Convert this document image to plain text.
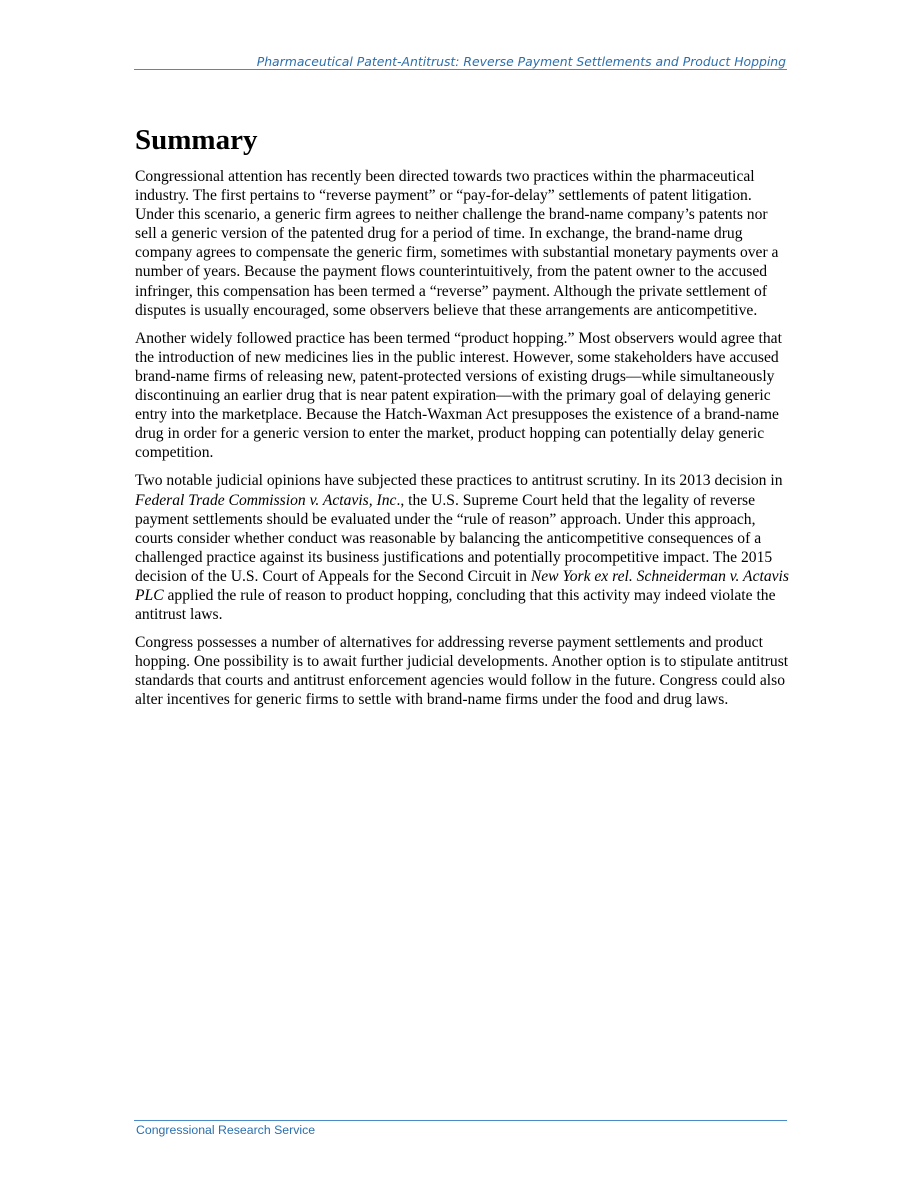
Pharmaceutical Patent-Antitrust: Reverse Payment Settlements and Product Hopping
Summary

Congressional attention has recently been directed towards two practices within the pharmaceutical industry. The first pertains to “reverse payment” or “pay-for-delay” settlements of patent litigation. Under this scenario, a generic firm agrees to neither challenge the brand-name company’s patents nor sell a generic version of the patented drug for a period of time. In exchange, the brand-name drug company agrees to compensate the generic firm, sometimes with substantial monetary payments over a number of years. Because the payment flows counterintuitively, from the patent owner to the accused infringer, this compensation has been termed a “reverse” payment. Although the private settlement of disputes is usually encouraged, some observers believe that these arrangements are anticompetitive.

Another widely followed practice has been termed “product hopping.” Most observers would agree that the introduction of new medicines lies in the public interest. However, some stakeholders have accused brand-name firms of releasing new, patent-protected versions of existing drugs—while simultaneously discontinuing an earlier drug that is near patent expiration—with the primary goal of delaying generic entry into the marketplace. Because the Hatch-Waxman Act presupposes the existence of a brand-name drug in order for a generic version to enter the market, product hopping can potentially delay generic competition.

Two notable judicial opinions have subjected these practices to antitrust scrutiny. In its 2013 decision in Federal Trade Commission v. Actavis, Inc., the U.S. Supreme Court held that the legality of reverse payment settlements should be evaluated under the “rule of reason” approach. Under this approach, courts consider whether conduct was reasonable by balancing the anticompetitive consequences of a challenged practice against its business justifications and potentially procompetitive impact. The 2015 decision of the U.S. Court of Appeals for the Second Circuit in New York ex rel. Schneiderman v. Actavis PLC applied the rule of reason to product hopping, concluding that this activity may indeed violate the antitrust laws.

Congress possesses a number of alternatives for addressing reverse payment settlements and product hopping. One possibility is to await further judicial developments. Another option is to stipulate antitrust standards that courts and antitrust enforcement agencies would follow in the future. Congress could also alter incentives for generic firms to settle with brand-name firms under the food and drug laws.

Congressional Research Service
